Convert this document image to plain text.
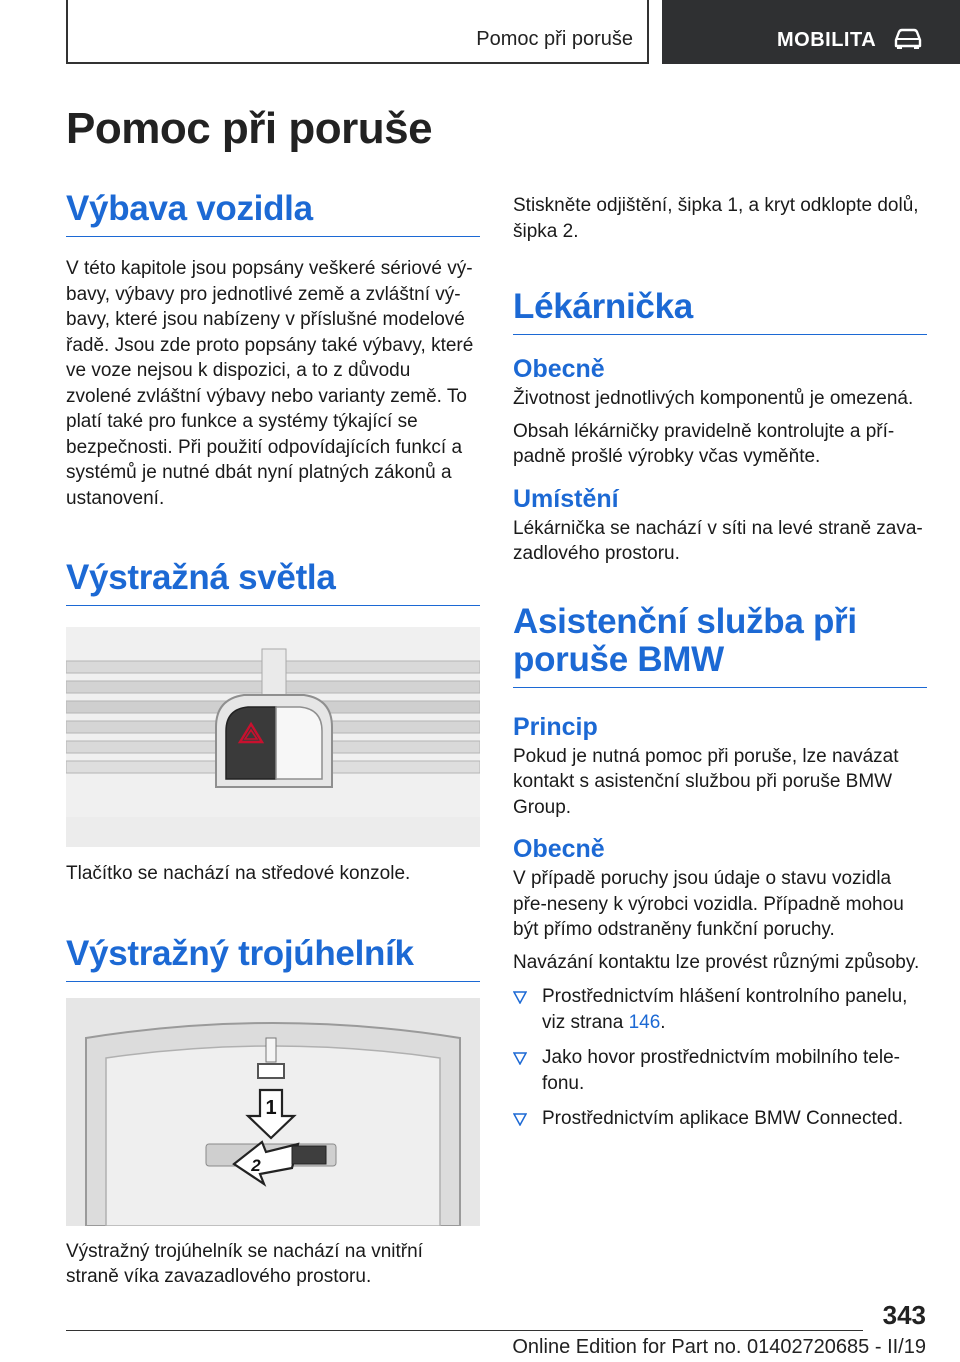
Pomoc při poruše	MOBILITA
Pomoc při poruše
Výbava vozidla

V této kapitole jsou popsány veškeré sériové vý-bavy, výbavy pro jednotlivé země a zvláštní vý-bavy, které jsou nabízeny v příslušné modelové řadě. Jsou zde proto popsány také výbavy, které ve voze nejsou k dispozici, a to z důvodu zvolené zvláštní výbavy nebo varianty země. To platí také pro funkce a systémy týkající se bezpečnosti. Při použití odpovídajících funkcí a systémů je nutné dbát nyní platných zákonů a ustanovení.

Výstražná světla

Tlačítko se nachází na středové konzole.

Výstražný trojúhelník
1
2

Výstražný trojúhelník se nachází na vnitřní straně víka zavazadlového prostoru.

Stiskněte odjištění, šipka 1, a kryt odklopte dolů, šipka 2.

Lékárnička
Obecně

Životnost jednotlivých komponentů je omezená.

Obsah lékárničky pravidelně kontrolujte a pří-padně prošlé výrobky včas vyměňte.

Umístění

Lékárnička se nachází v síti na levé straně zava-zadlového prostoru.

Asistenční služba při
poruše BMW
Princip

Pokud je nutná pomoc při poruše, lze navázat kontakt s asistenční službou při poruše BMW Group.

Obecně

V případě poruchy jsou údaje o stavu vozidla pře-neseny k výrobci vozidla. Případně mohou být přímo odstraněny funkční poruchy.

Navázání kontaktu lze provést různými způsoby.

Prostřednictvím hlášení kontrolního panelu, viz strana 146.
Jako hovor prostřednictvím mobilního tele-fonu.
Prostřednictvím aplikace BMW Connected.
343
Online Edition for Part no. 01402720685 - II/19
